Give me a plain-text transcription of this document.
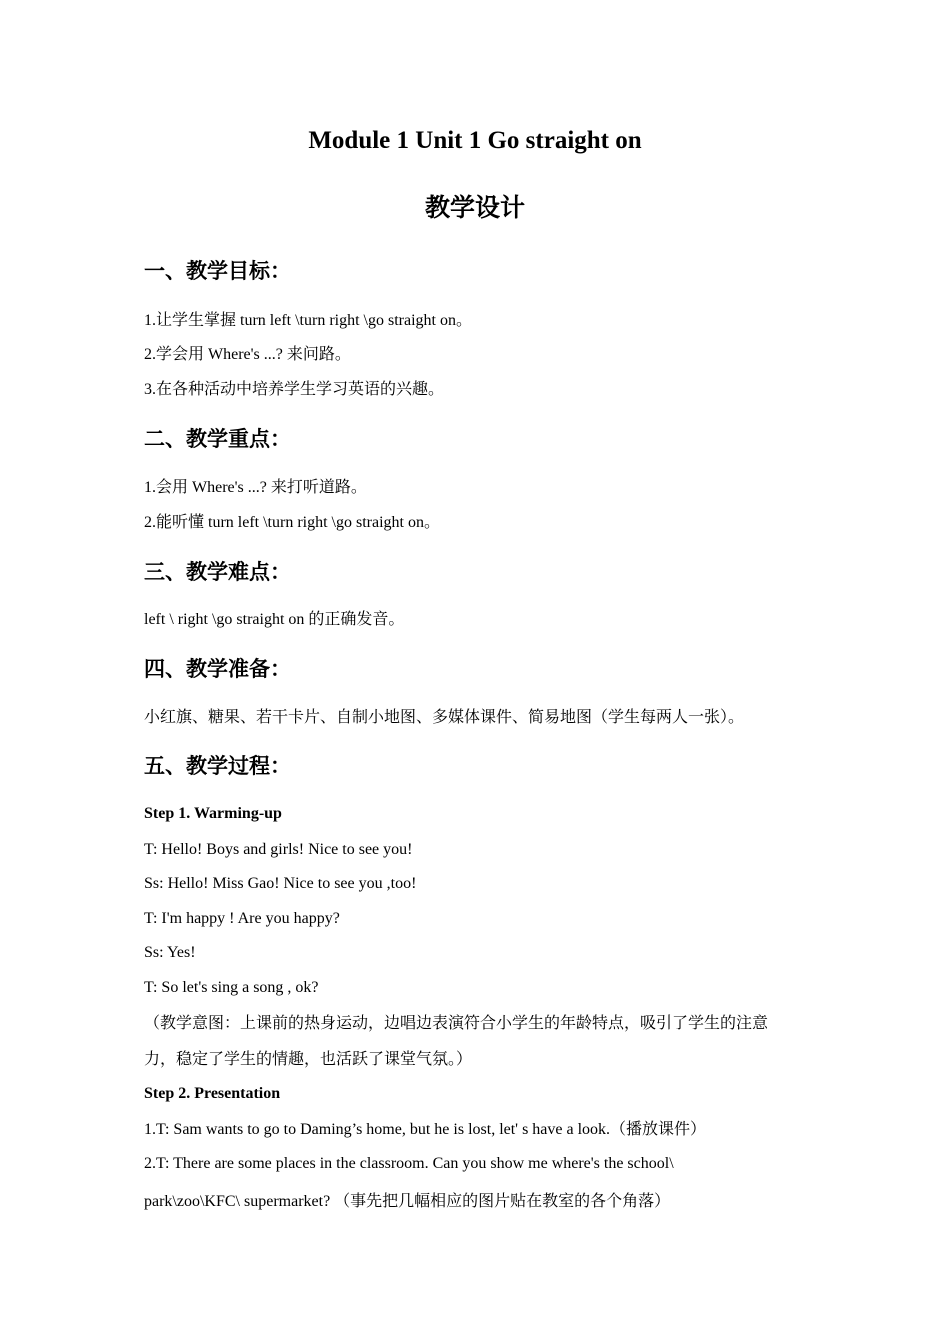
Module 1 Unit 1 Go straight on
教学设计
一、教学目标：
1.让学生掌握 turn left \turn right \go straight on。
2.学会用 Where's ...? 来问路。
3.在各种活动中培养学生学习英语的兴趣。
二、教学重点：
1.会用 Where's ...? 来打听道路。
2.能听懂 turn left \turn right \go straight on。
三、教学难点：
left \ right \go straight on 的正确发音。
四、教学准备：
小红旗、糖果、若干卡片、自制小地图、多媒体课件、简易地图（学生每两人一张）。
五、教学过程：
Step 1. Warming-up
T: Hello! Boys and girls! Nice to see you!
Ss: Hello! Miss Gao! Nice to see you ,too!
T: I'm happy ! Are you happy?
Ss: Yes!
T: So let's sing a song , ok?
（教学意图：上课前的热身运动，边唱边表演符合小学生的年龄特点，吸引了学生的注意
力，稳定了学生的情趣，也活跃了课堂气氛。）
Step 2. Presentation
1.T: Sam wants to go to Daming’s home, but he is lost, let' s have a look.（播放课件）
2.T: There are some places in the classroom. Can you show me where's the school\
park\zoo\KFC\ supermarket? （事先把几幅相应的图片贴在教室的各个角落）
